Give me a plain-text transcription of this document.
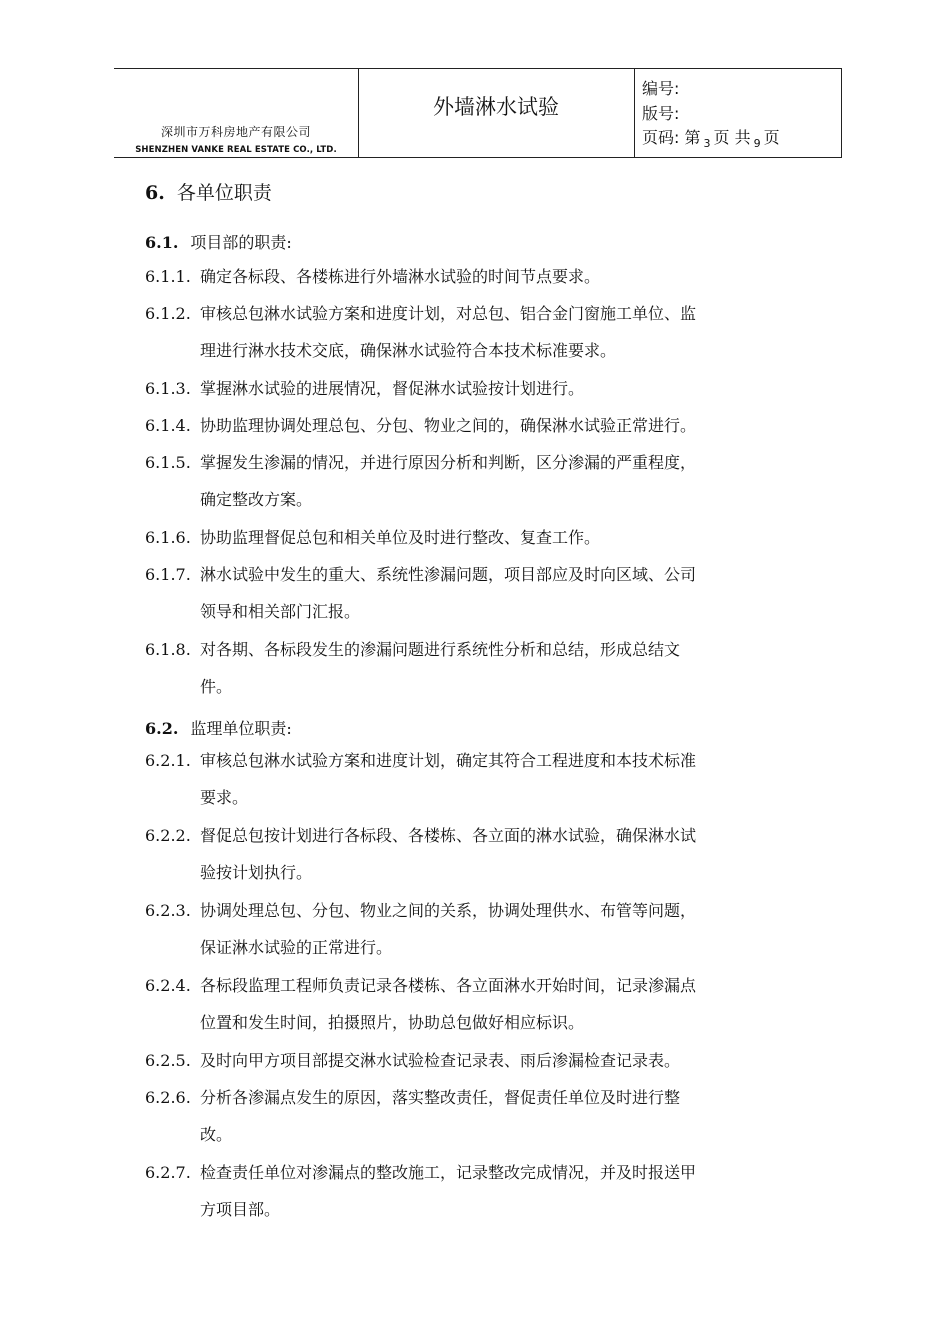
深圳市万科房地产有限公司
SHENZHEN VANKE REAL ESTATE CO., LTD.
外墙淋水试验
编号:
版号:
页码: 第 $_3$ 页 共 $_9$ 页
6. 各单位职责
6.1. 项目部的职责:
6.1.1. 确定各标段、各楼栋进行外墙淋水试验的时间节点要求。
6.1.2. 审核总包淋水试验方案和进度计划，对总包、铝合金门窗施工单位、监
理进行淋水技术交底，确保淋水试验符合本技术标准要求。
6.1.3. 掌握淋水试验的进展情况，督促淋水试验按计划进行。
6.1.4. 协助监理协调处理总包、分包、物业之间的，确保淋水试验正常进行。
6.1.5. 掌握发生渗漏的情况，并进行原因分析和判断，区分渗漏的严重程度，
确定整改方案。
6.1.6. 协助监理督促总包和相关单位及时进行整改、复查工作。
6.1.7. 淋水试验中发生的重大、系统性渗漏问题，项目部应及时向区域、公司
领导和相关部门汇报。
6.1.8. 对各期、各标段发生的渗漏问题进行系统性分析和总结，形成总结文
件。
6.2. 监理单位职责:
6.2.1. 审核总包淋水试验方案和进度计划，确定其符合工程进度和本技术标准
要求。
6.2.2. 督促总包按计划进行各标段、各楼栋、各立面的淋水试验，确保淋水试
验按计划执行。
6.2.3. 协调处理总包、分包、物业之间的关系，协调处理供水、布管等问题，
保证淋水试验的正常进行。
6.2.4. 各标段监理工程师负责记录各楼栋、各立面淋水开始时间，记录渗漏点
位置和发生时间，拍摄照片，协助总包做好相应标识。
6.2.5. 及时向甲方项目部提交淋水试验检查记录表、雨后渗漏检查记录表。
6.2.6. 分析各渗漏点发生的原因，落实整改责任，督促责任单位及时进行整
改。
6.2.7. 检查责任单位对渗漏点的整改施工，记录整改完成情况，并及时报送甲
方项目部。
